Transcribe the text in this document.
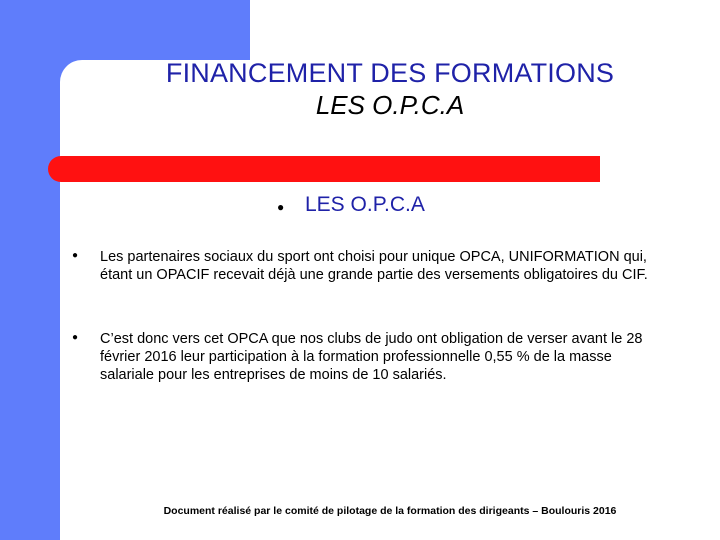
FINANCEMENT DES FORMATIONS
LES O.P.C.A
● LES O.P.C.A
● Les partenaires sociaux du sport ont choisi pour unique OPCA, UNIFORMATION qui, étant un OPACIF recevait déjà une grande partie des versements obligatoires du CIF.
● C’est donc vers cet OPCA que nos clubs de judo ont obligation de verser avant le 28 février 2016 leur participation à la formation professionnelle 0,55 % de la masse salariale pour les entreprises de moins de 10 salariés.
Document réalisé par le comité de pilotage de la formation des dirigeants – Boulouris 2016
